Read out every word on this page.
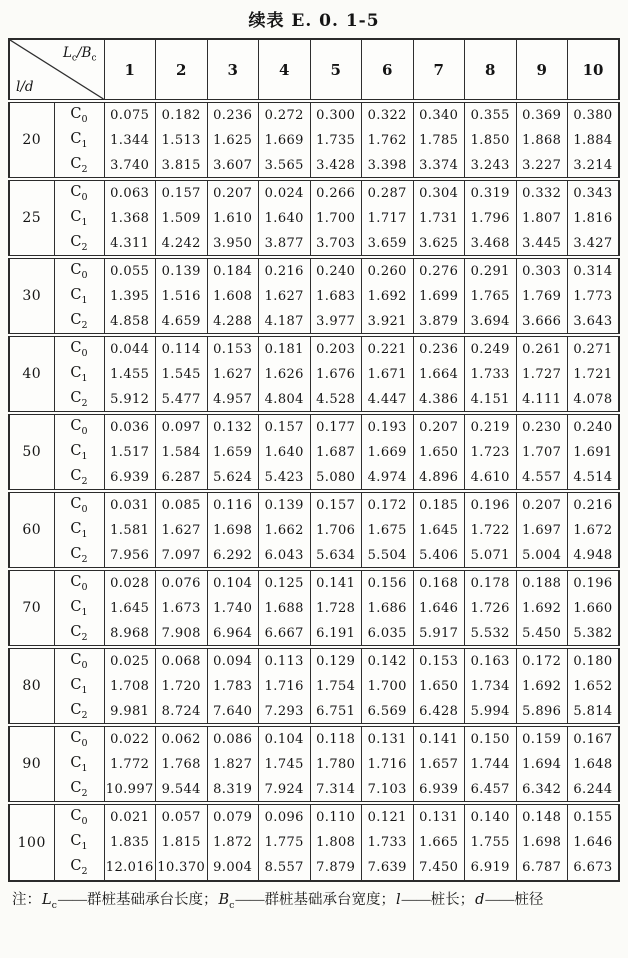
续表 E. 0. 1-5
$L_c/B_c$
l/d		1	2	3	4	5	6	7	8	9	10
20	$C_0$	0.075	0.182	0.236	0.272	0.300	0.322	0.340	0.355	0.369	0.380
	$C_1$	1.344	1.513	1.625	1.669	1.735	1.762	1.785	1.850	1.868	1.884
	$C_2$	3.740	3.815	3.607	3.565	3.428	3.398	3.374	3.243	3.227	3.214
25	$C_0$	0.063	0.157	0.207	0.024	0.266	0.287	0.304	0.319	0.332	0.343
	$C_1$	1.368	1.509	1.610	1.640	1.700	1.717	1.731	1.796	1.807	1.816
	$C_2$	4.311	4.242	3.950	3.877	3.703	3.659	3.625	3.468	3.445	3.427
30	$C_0$	0.055	0.139	0.184	0.216	0.240	0.260	0.276	0.291	0.303	0.314
	$C_1$	1.395	1.516	1.608	1.627	1.683	1.692	1.699	1.765	1.769	1.773
	$C_2$	4.858	4.659	4.288	4.187	3.977	3.921	3.879	3.694	3.666	3.643
40	$C_0$	0.044	0.114	0.153	0.181	0.203	0.221	0.236	0.249	0.261	0.271
	$C_1$	1.455	1.545	1.627	1.626	1.676	1.671	1.664	1.733	1.727	1.721
	$C_2$	5.912	5.477	4.957	4.804	4.528	4.447	4.386	4.151	4.111	4.078
50	$C_0$	0.036	0.097	0.132	0.157	0.177	0.193	0.207	0.219	0.230	0.240
	$C_1$	1.517	1.584	1.659	1.640	1.687	1.669	1.650	1.723	1.707	1.691
	$C_2$	6.939	6.287	5.624	5.423	5.080	4.974	4.896	4.610	4.557	4.514
60	$C_0$	0.031	0.085	0.116	0.139	0.157	0.172	0.185	0.196	0.207	0.216
	$C_1$	1.581	1.627	1.698	1.662	1.706	1.675	1.645	1.722	1.697	1.672
	$C_2$	7.956	7.097	6.292	6.043	5.634	5.504	5.406	5.071	5.004	4.948
70	$C_0$	0.028	0.076	0.104	0.125	0.141	0.156	0.168	0.178	0.188	0.196
	$C_1$	1.645	1.673	1.740	1.688	1.728	1.686	1.646	1.726	1.692	1.660
	$C_2$	8.968	7.908	6.964	6.667	6.191	6.035	5.917	5.532	5.450	5.382
80	$C_0$	0.025	0.068	0.094	0.113	0.129	0.142	0.153	0.163	0.172	0.180
	$C_1$	1.708	1.720	1.783	1.716	1.754	1.700	1.650	1.734	1.692	1.652
	$C_2$	9.981	8.724	7.640	7.293	6.751	6.569	6.428	5.994	5.896	5.814
90	$C_0$	0.022	0.062	0.086	0.104	0.118	0.131	0.141	0.150	0.159	0.167
	$C_1$	1.772	1.768	1.827	1.745	1.780	1.716	1.657	1.744	1.694	1.648
	$C_2$	10.997	9.544	8.319	7.924	7.314	7.103	6.939	6.457	6.342	6.244
100	$C_0$	0.021	0.057	0.079	0.096	0.110	0.121	0.131	0.140	0.148	0.155
	$C_1$	1.835	1.815	1.872	1.775	1.808	1.733	1.665	1.755	1.698	1.646
	$C_2$	12.016	10.370	9.004	8.557	7.879	7.639	7.450	6.919	6.787	6.673
注：$L_c——$群桩基础承台长度；$B_c——$群桩基础承台宽度；l——桩长；d——桩径
